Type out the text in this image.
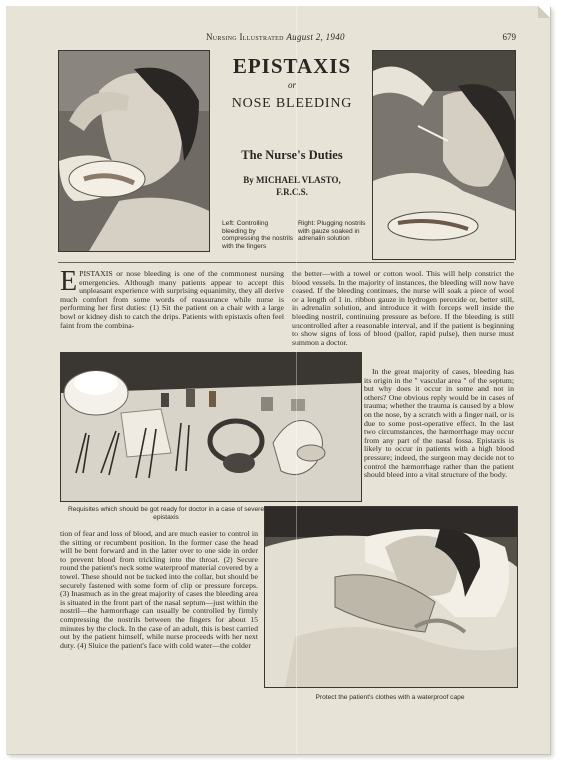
Nursing Illustrated August 2, 1940	679
EPISTAXIS
or
NOSE BLEEDING
The Nurse's Duties
By MICHAEL VLASTO,
F.R.C.S.
Left: Controlling bleeding by compressing the nostrils with the fingers
Right: Plugging nostrils with gauze soaked in adrenalin solution

EPISTAXIS or nose bleeding is one of the commonest nursing emergencies. Although many patients appear to accept this unpleasant experience with surprising equanimity, they all derive much comfort from some words of reassurance while nurse is performing her first duties: (1) Sit the patient on a chair with a large bowl or kidney dish to catch the drips. Patients with epistaxis often feel faint from the combina-

the better—with a towel or cotton wool. This will help constrict the blood vessels. In the majority of instances, the bleeding will now have ceased. If the bleeding continues, the nurse will soak a piece of wool or a length of 1 in. ribbon gauze in hydrogen peroxide or, better still, in adrenalin solution, and introduce it with forceps well inside the bleeding nostril, continuing pressure as before. If the bleeding is still uncontrolled after a reasonable interval, and if the patient is beginning to show signs of loss of blood (pallor, rapid pulse), then nurse must summon a doctor.

In the great majority of cases, bleeding has its origin in the " vascular area " of the septum; but why does it occur in some and not in others? One obvious reply would be in cases of trauma; whether the trauma is caused by a blow on the nose, by a scratch with a finger nail, or is due to some post-operative effect. In the last two circumstances, the hæmorrhage may occur from any part of the nasal fossa. Epistaxis is likely to occur in patients with a high blood pressure; indeed, the surgeon may decide not to control the hæmorrhage rather than the patient should bleed into a vital structure of the body.

Requisites which should be got ready for doctor in a case of severe epistaxis

tion of fear and loss of blood, and are much easier to control in the sitting or recumbent position. In the former case the head will be bent forward and in the latter over to one side in order to prevent blood from trickling into the throat. (2) Secure round the patient's neck some waterproof material covered by a towel. These should not be tucked into the collar, but should be securely fastened with some form of clip or pressure forceps. (3) Inasmuch as in the great majority of cases the bleeding area is situated in the front part of the nasal septum—just within the nostril—the hæmorrhage can usually be controlled by firmly compressing the nostrils between the fingers for about 15 minutes by the clock. In the case of an adult, this is best carried out by the patient himself, while nurse proceeds with her next duty. (4) Sluice the patient's face with cold water—the colder

Protect the patient's clothes with a waterproof cape
